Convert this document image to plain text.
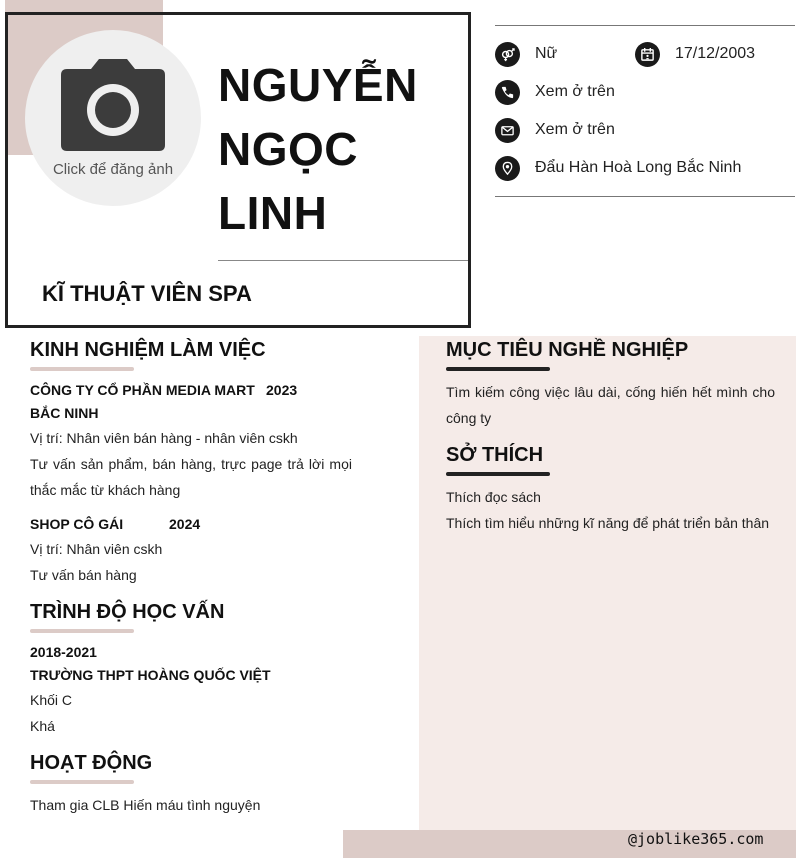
Click để đăng ảnh
NGUYỄN
NGỌC
LINH
KĨ THUẬT VIÊN SPA
Nữ	17/12/2003
Xem ở trên
Xem ở trên
Đẩu Hàn Hoà Long Bắc Ninh
KINH NGHIỆM LÀM VIỆC
CÔNG TY CỔ PHẦN MEDIA MART 2023
BẮC NINH
Vị trí: Nhân viên bán hàng - nhân viên cskh
Tư vấn sản phẩm, bán hàng, trực page trả lời mọi thắc mắc từ khách hàng
SHOP CÔ GÁI	2024
Vị trí: Nhân viên cskh
Tư vấn bán hàng
TRÌNH ĐỘ HỌC VẤN
2018-2021
TRƯỜNG THPT HOÀNG QUỐC VIỆT
Khối C
Khá
HOẠT ĐỘNG
Tham gia CLB Hiến máu tình nguyện
MỤC TIÊU NGHỀ NGHIỆP
Tìm kiếm công việc lâu dài, cống hiến hết mình cho công ty
SỞ THÍCH
Thích đọc sách
Thích tìm hiểu những kĩ năng để phát triển bản thân
@joblike365.com
